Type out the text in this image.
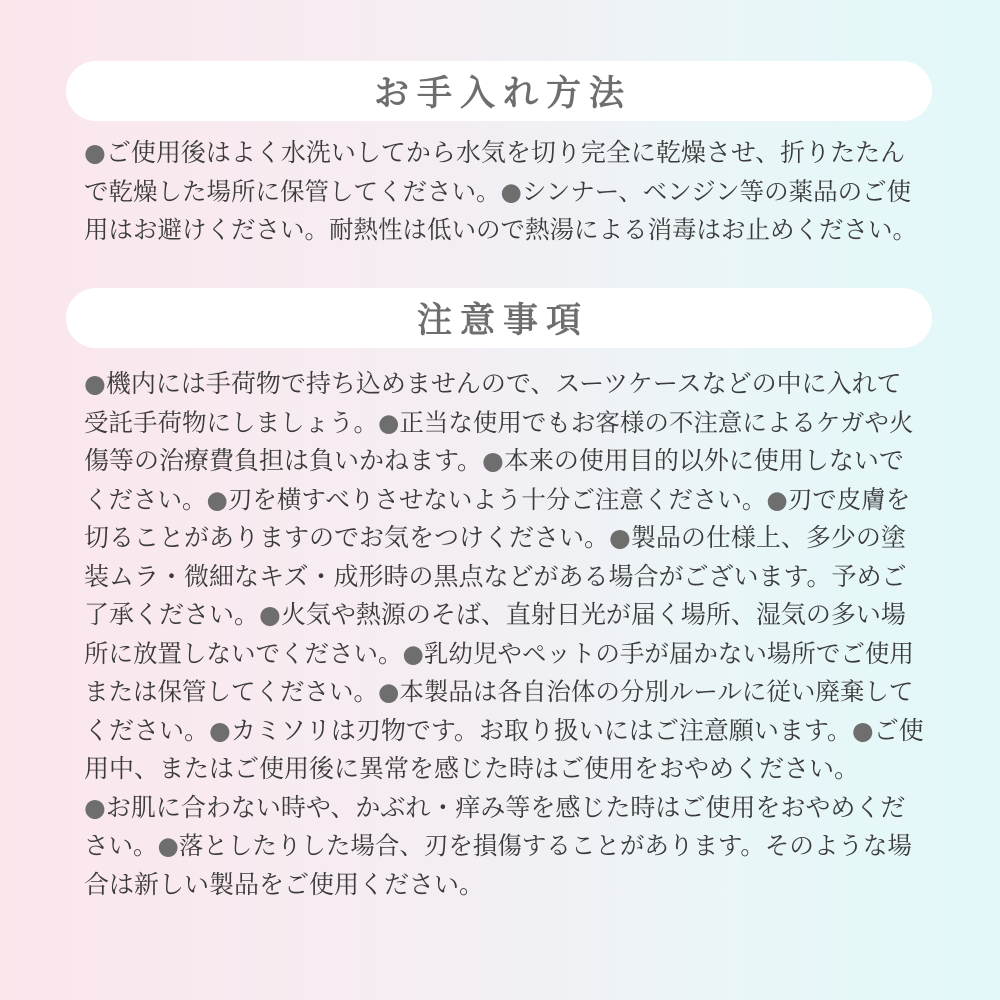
お手入れ方法
●ご使用後はよく水洗いしてから水気を切り完全に乾燥させ、折りたたん
で乾燥した場所に保管してください。●シンナー、ベンジン等の薬品のご使
用はお避けください。耐熱性は低いので熱湯による消毒はお止めください。
注意事項
●機内には手荷物で持ち込めませんので、スーツケースなどの中に入れて
受託手荷物にしましょう。●正当な使用でもお客様の不注意によるケガや火
傷等の治療費負担は負いかねます。●本来の使用目的以外に使用しないで
ください。●刃を横すべりさせないよう十分ご注意ください。●刃で皮膚を
切ることがありますのでお気をつけください。●製品の仕様上、多少の塗
装ムラ・微細なキズ・成形時の黒点などがある場合がございます。予めご
了承ください。●火気や熱源のそば、直射日光が届く場所、湿気の多い場
所に放置しないでください。●乳幼児やペットの手が届かない場所でご使用
または保管してください。●本製品は各自治体の分別ルールに従い廃棄して
ください。●カミソリは刃物です。お取り扱いにはご注意願います。●ご使
用中、またはご使用後に異常を感じた時はご使用をおやめください。
●お肌に合わない時や、かぶれ・痒み等を感じた時はご使用をおやめくだ
さい。●落としたりした場合、刃を損傷することがあります。そのような場
合は新しい製品をご使用ください。
